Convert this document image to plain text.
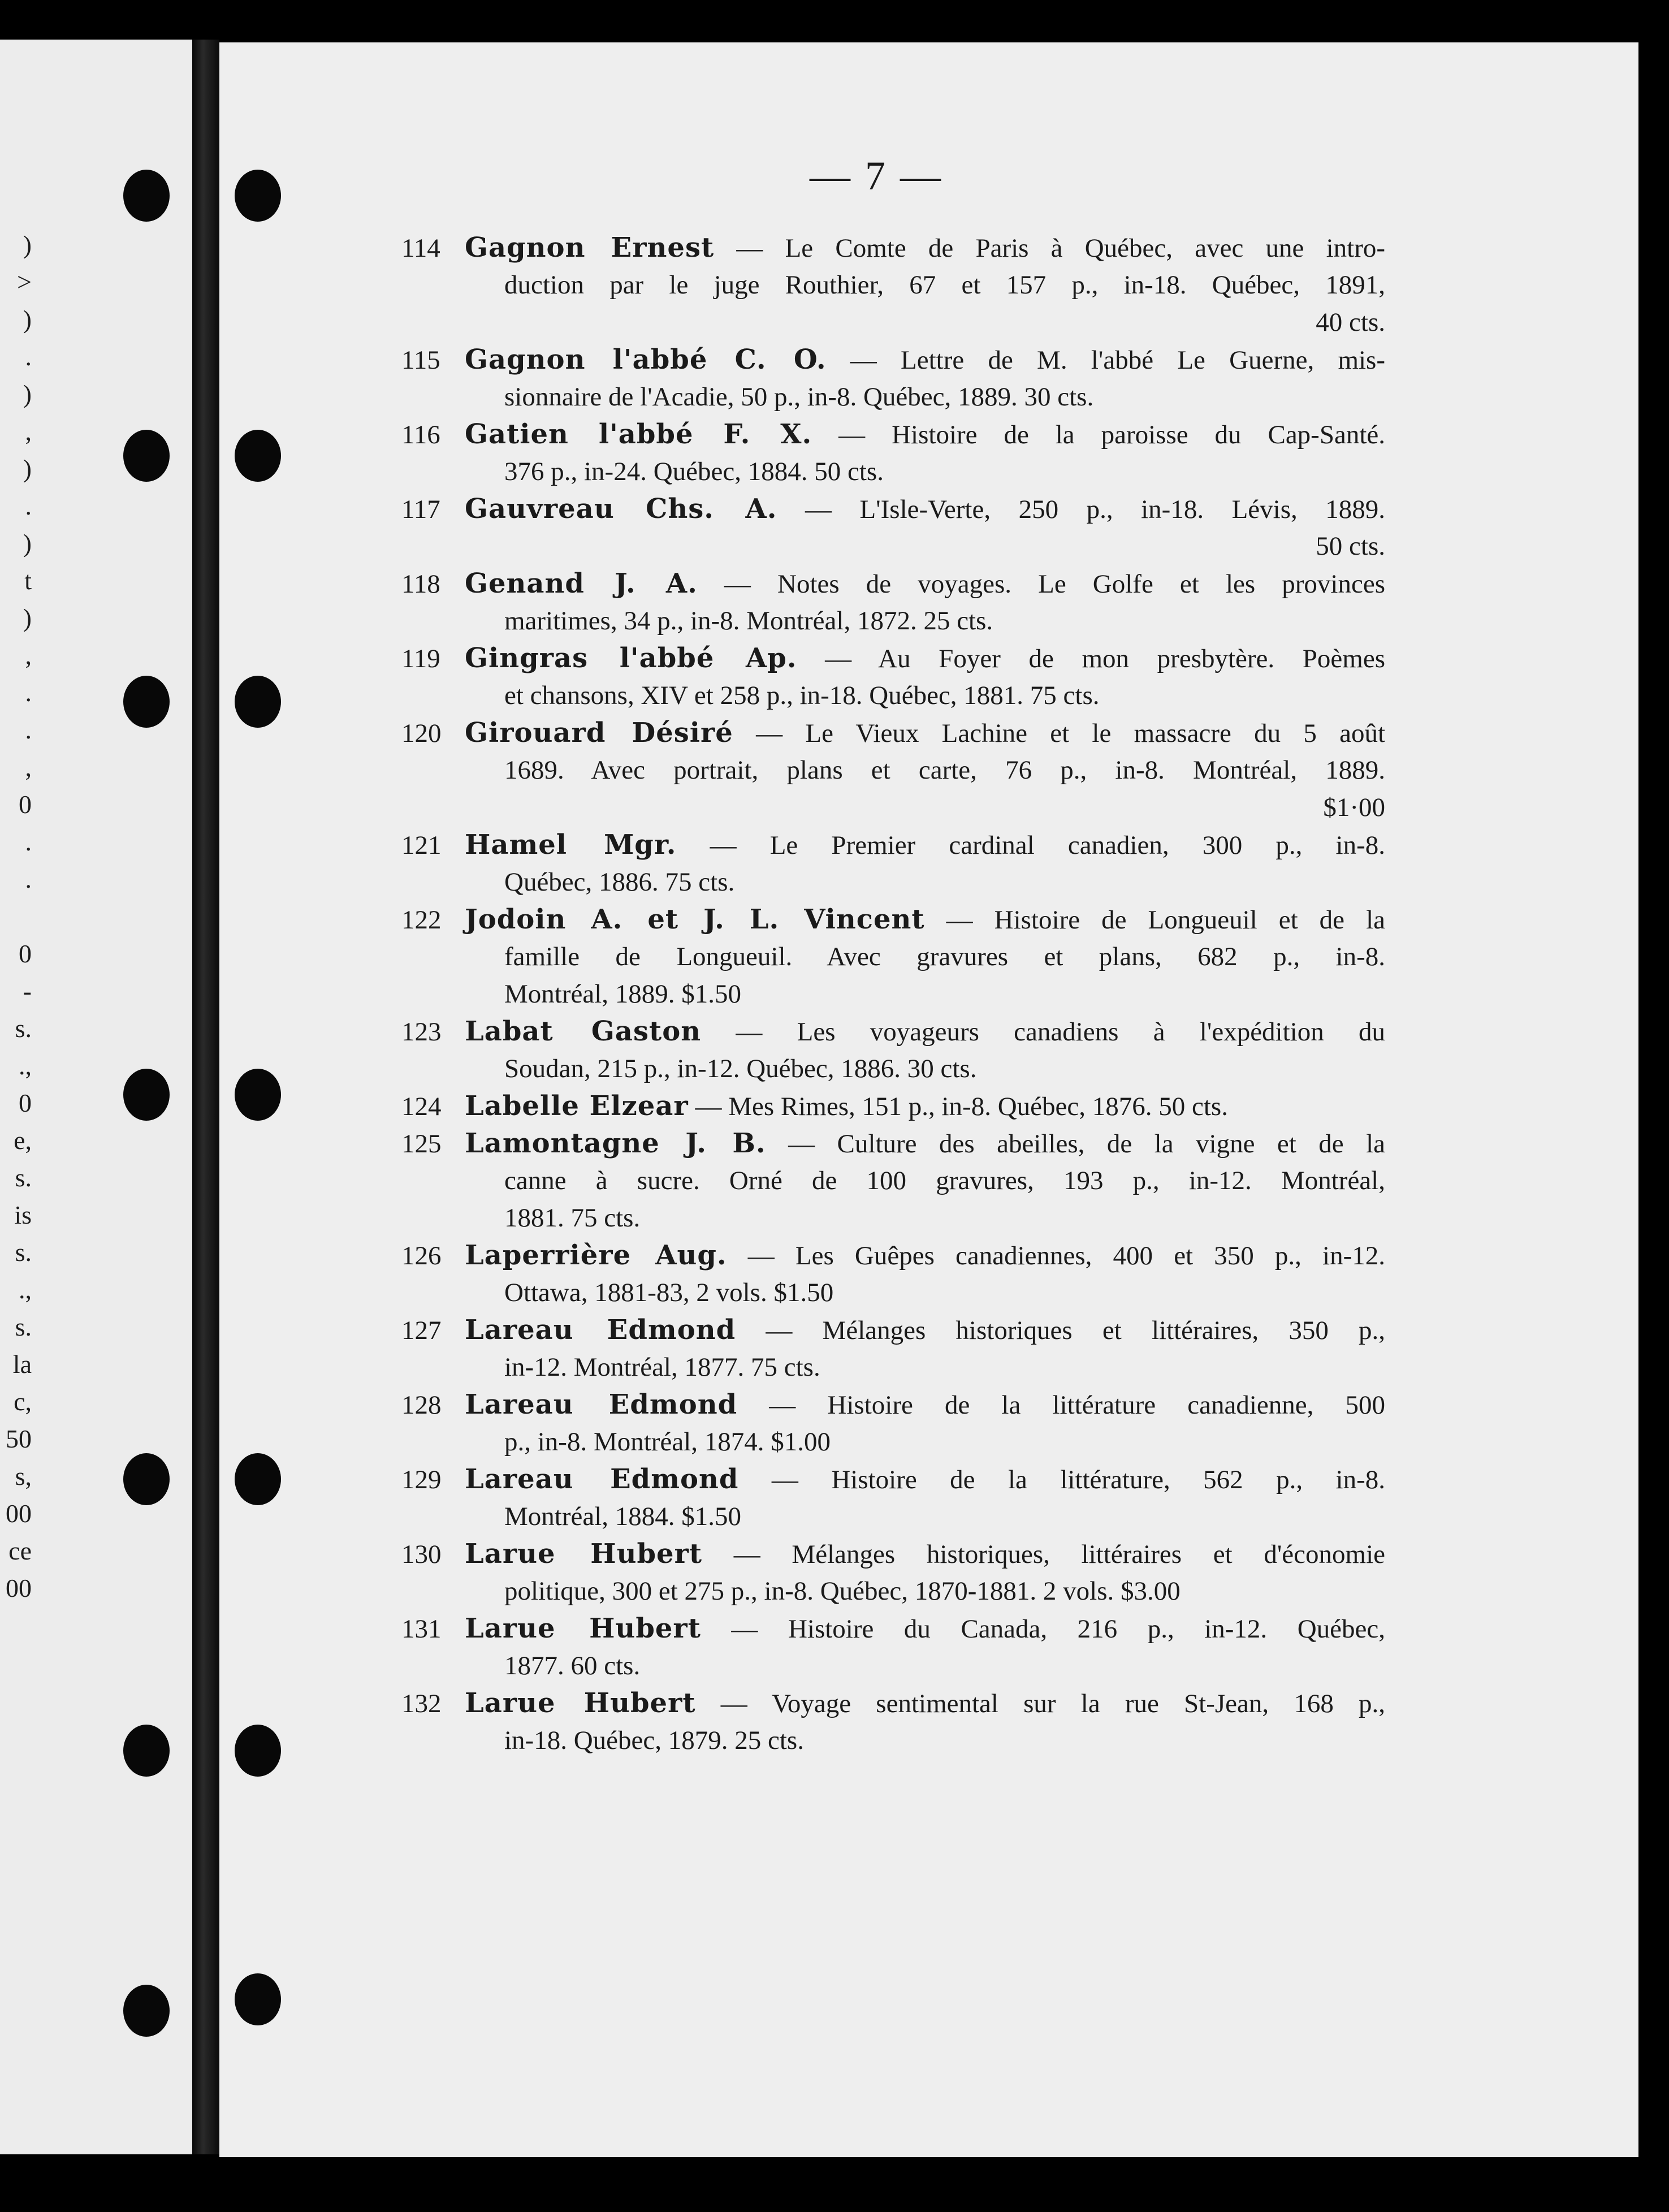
)
>
)
.
)
,
)
.
)
t
)
,
.
.
,
0
.
.
0
-
s.
.,
0
e,
s.
is
s.
.,
s.
la
c,
50
s,
00
ce
00
— 7 —
114 Gagnon Ernest — Le Comte de Paris à Québec, avec une intro-
duction par le juge Routhier, 67 et 157 p., in-18. Québec, 1891,
40 cts.
115 Gagnon l'abbé C. O. — Lettre de M. l'abbé Le Guerne, mis-
sionnaire de l'Acadie, 50 p., in-8. Québec, 1889. 30 cts.
116 Gatien l'abbé F. X. — Histoire de la paroisse du Cap-Santé.
376 p., in-24. Québec, 1884. 50 cts.
117 Gauvreau Chs. A. — L'Isle-Verte, 250 p., in-18. Lévis, 1889.
50 cts.
118 Genand J. A. — Notes de voyages. Le Golfe et les provinces
maritimes, 34 p., in-8. Montréal, 1872. 25 cts.
119 Gingras l'abbé Ap. — Au Foyer de mon presbytère. Poèmes
et chansons, XIV et 258 p., in-18. Québec, 1881. 75 cts.
120 Girouard Désiré — Le Vieux Lachine et le massacre du 5 août
1689. Avec portrait, plans et carte, 76 p., in-8. Montréal, 1889.
$1·00
121 Hamel Mgr. — Le Premier cardinal canadien, 300 p., in-8.
Québec, 1886. 75 cts.
122 Jodoin A. et J. L. Vincent — Histoire de Longueuil et de la
famille de Longueuil. Avec gravures et plans, 682 p., in-8.
Montréal, 1889. $1.50
123 Labat Gaston — Les voyageurs canadiens à l'expédition du
Soudan, 215 p., in-12. Québec, 1886. 30 cts.
124 Labelle Elzear — Mes Rimes, 151 p., in-8. Québec, 1876. 50 cts.
125 Lamontagne J. B. — Culture des abeilles, de la vigne et de la
canne à sucre. Orné de 100 gravures, 193 p., in-12. Montréal,
1881. 75 cts.
126 Laperrière Aug. — Les Guêpes canadiennes, 400 et 350 p., in-12.
Ottawa, 1881-83, 2 vols. $1.50
127 Lareau Edmond — Mélanges historiques et littéraires, 350 p.,
in-12. Montréal, 1877. 75 cts.
128 Lareau Edmond — Histoire de la littérature canadienne, 500
p., in-8. Montréal, 1874. $1.00
129 Lareau Edmond — Histoire de la littérature, 562 p., in-8.
Montréal, 1884. $1.50
130 Larue Hubert — Mélanges historiques, littéraires et d'économie
politique, 300 et 275 p., in-8. Québec, 1870-1881. 2 vols. $3.00
131 Larue Hubert — Histoire du Canada, 216 p., in-12. Québec,
1877. 60 cts.
132 Larue Hubert — Voyage sentimental sur la rue St-Jean, 168 p.,
in-18. Québec, 1879. 25 cts.
